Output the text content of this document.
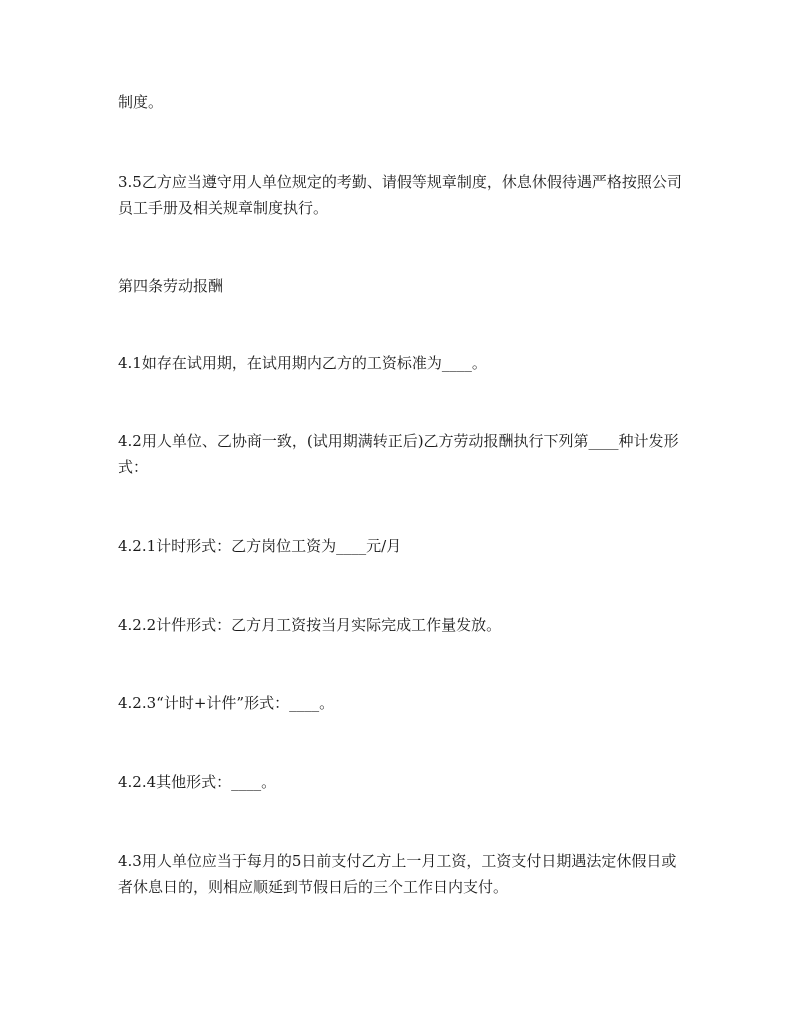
制度。

3.5乙方应当遵守用人单位规定的考勤、请假等规章制度，休息休假待遇严格按照公司员工手册及相关规章制度执行。

第四条劳动报酬

4.1如存在试用期，在试用期内乙方的工资标准为____。

4.2用人单位、乙协商一致，(试用期满转正后)乙方劳动报酬执行下列第____种计发形式：

4.2.1计时形式：乙方岗位工资为____元/月

4.2.2计件形式：乙方月工资按当月实际完成工作量发放。

4.2.3“计时+计件”形式：____。

4.2.4其他形式：____。

4.3用人单位应当于每月的5日前支付乙方上一月工资，工资支付日期遇法定休假日或者休息日的，则相应顺延到节假日后的三个工作日内支付。
